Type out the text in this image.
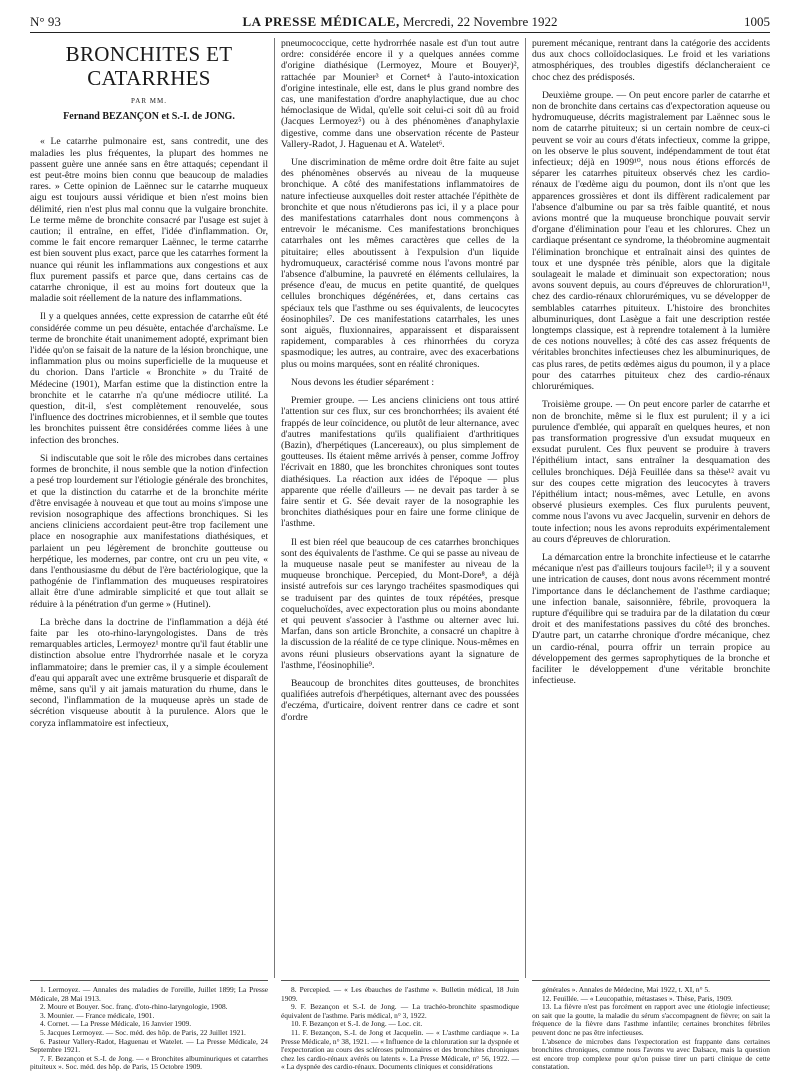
N° 93	LA PRESSE MÉDICALE, Mercredi, 22 Novembre 1922	1005
BRONCHITES ET CATARRHES
PAR MM.
Fernand BEZANÇON et S.-I. de JONG.

« Le catarrhe pulmonaire est, sans contredit, une des maladies les plus fréquentes, la plupart des hommes ne passent guère une année sans en être attaqués; cependant il est peut-être moins bien connu que beaucoup de maladies rares. » Cette opinion de Laënnec sur le catarrhe muqueux aigu est toujours aussi véridique et bien n'est moins bien délimité, rien n'est plus mal connu que la vulgaire bronchite. Le terme même de bronchite consacré par l'usage est sujet à caution; il entraîne, en effet, l'idée d'inflammation. Or, comme le fait encore remarquer Laënnec, le terme catarrhe est bien souvent plus exact, parce que les catarrhes forment la nuance qui réunit les inflammations aux congestions et aux flux purement passifs et parce que, dans certains cas de catarrhe chronique, il est au moins fort douteux que la maladie soit réellement de la nature des inflammations.

Il y a quelques années, cette expression de catarrhe eût été considérée comme un peu désuète, entachée d'archaïsme. Le terme de bronchite était unanimement adopté, exprimant bien l'idée qu'on se faisait de la nature de la lésion bronchique, une inflammation plus ou moins superficielle de la muqueuse et du chorion. Dans l'article « Bronchite » du Traité de Médecine (1901), Marfan estime que la distinction entre la bronchite et le catarrhe n'a qu'une médiocre utilité. La question, dit-il, s'est complètement renouvelée, sous l'influence des doctrines microbiennes, et il semble que toutes les bronchites puissent être considérées comme liées à une infection des bronches.

Si indiscutable que soit le rôle des microbes dans certaines formes de bronchite, il nous semble que la notion d'infection a pesé trop lourdement sur l'étiologie générale des bronchites, et que la distinction du catarrhe et de la bronchite mérite d'être envisagée à nouveau et que tout au moins s'impose une revision nosographique des affections bronchiques. Si les anciens cliniciens accordaient peut-être trop facilement une place en nosographie aux manifestations diathésiques, et parlaient un peu légèrement de bronchite goutteuse ou herpétique, les modernes, par contre, ont cru un peu vite, « dans l'enthousiasme du début de l'ère bactériologique, que la pathogénie de l'inflammation des muqueuses respiratoires allait être d'une admirable simplicité et que tout allait se réduire à la pénétration d'un germe » (Hutinel).

La brèche dans la doctrine de l'inflammation a déjà été faite par les oto-rhino-laryngologistes. Dans de très remarquables articles, Lermoyez¹ montre qu'il faut établir une distinction absolue entre l'hydrorrhée nasale et le coryza inflammatoire; dans le premier cas, il y a simple écoulement d'eau qui apparaît avec une extrême brusquerie et disparaît de même, sans qu'il y ait jamais maturation du rhume, dans le second, l'inflammation de la muqueuse après un stade de sécrétion visqueuse aboutit à la purulence. Alors que le coryza inflammatoire est infectieux,

pneumococcique, cette hydrorrhée nasale est d'un tout autre ordre: considérée encore il y a quelques années comme d'origine diathésique (Lermoyez, Moure et Bouyer)², rattachée par Mounier³ et Cornet⁴ à l'auto-intoxication d'origine intestinale, elle est, dans le plus grand nombre des cas, une manifestation d'ordre anaphylactique, due au choc hémoclasique de Widal, qu'elle soit celui-ci soit dû au froid (Jacques Lermoyez⁵) ou à des phénomènes d'anaphylaxie digestive, comme dans une observation récente de Pasteur Vallery-Radot, J. Haguenau et A. Watelet⁶.

Une discrimination de même ordre doit être faite au sujet des phénomènes observés au niveau de la muqueuse bronchique. A côté des manifestations inflammatoires de nature infectieuse auxquelles doit rester attachée l'épithète de bronchite et que nous n'étudierons pas ici, il y a place pour des manifestations catarrhales dont nous commençons à entrevoir le mécanisme. Ces manifestations bronchiques catarrhales ont les mêmes caractères que celles de la pituitaire; elles aboutissent à l'expulsion d'un liquide hydromuqueux, caractérisé comme nous l'avons montré par l'absence d'albumine, la pauvreté en éléments cellulaires, la présence d'eau, de mucus en petite quantité, de quelques cellules bronchiques dégénérées, et, dans certains cas spéciaux tels que l'asthme ou ses équivalents, de leucocytes éosinophiles⁷. De ces manifestations catarrhales, les unes sont aiguës, fluxionnaires, apparaissent et disparaissent rapidement, comparables à ces rhinorrhées du coryza spasmodique; les autres, au contraire, avec des exacerbations plus ou moins marquées, sont en réalité chroniques.

Nous devons les étudier séparément :

Premier groupe. — Les anciens cliniciens ont tous attiré l'attention sur ces flux, sur ces bronchorrhées; ils avaient été frappés de leur coïncidence, ou plutôt de leur alternance, avec d'autres manifestations qu'ils qualifiaient d'arthritiques (Bazin), d'herpétiques (Lancereaux), ou plus simplement de goutteuses. Ils étaient même arrivés à penser, comme Joffroy l'écrivait en 1880, que les bronchites chroniques sont toutes diathésiques. La réaction aux idées de l'époque — plus apparente que réelle d'ailleurs — ne devait pas tarder à se faire sentir et G. Sée devait rayer de la nosographie les bronchites diathésiques pour en faire une forme clinique de l'asthme.

Il est bien réel que beaucoup de ces catarrhes bronchiques sont des équivalents de l'asthme. Ce qui se passe au niveau de la muqueuse nasale peut se manifester au niveau de la muqueuse bronchique. Percepied, du Mont-Dore⁸, a déjà insisté autrefois sur ces laryngo trachéites spasmodiques qui se traduisent par des quintes de toux répétées, presque coqueluchoïdes, avec expectoration plus ou moins abondante et qui peuvent s'associer à l'asthme ou alterner avec lui. Marfan, dans son article Bronchite, a consacré un chapitre à la discussion de la réalité de ce type clinique. Nous-mêmes en avons réuni plusieurs observations ayant la signature de l'asthme, l'éosinophilie⁹.

Beaucoup de bronchites dites goutteuses, de bronchites qualifiées autrefois d'herpétiques, alternant avec des poussées d'eczéma, d'urticaire, doivent rentrer dans ce cadre et sont d'ordre

purement mécanique, rentrant dans la catégorie des accidents dus aux chocs colloïdoclasiques. Le froid et les variations atmosphériques, des troubles digestifs déclancheraient ce choc chez des prédisposés.

Deuxième groupe. — On peut encore parler de catarrhe et non de bronchite dans certains cas d'expectoration aqueuse ou hydromuqueuse, décrits magistralement par Laënnec sous le nom de catarrhe pituiteux; si un certain nombre de ceux-ci peuvent se voir au cours d'états infectieux, comme la grippe, on les observe le plus souvent, indépendamment de tout état infectieux; déjà en 1909¹⁰, nous nous étions efforcés de séparer les catarrhes pituiteux observés chez les cardio-rénaux de l'œdème aigu du poumon, dont ils n'ont que les apparences grossières et dont ils diffèrent radicalement par l'absence d'albumine ou par sa très faible quantité, et nous avions montré que la muqueuse bronchique pouvait servir d'organe d'élimination pour l'eau et les chlorures. Chez un cardiaque présentant ce syndrome, la théobromine augmentait l'élimination bronchique et entraînait ainsi des quintes de toux et une dyspnée très pénible, alors que la digitale soulageait le malade et diminuait son expectoration; nous avons souvent depuis, au cours d'épreuves de chloruration¹¹, chez des cardio-rénaux chlorurémiques, vu se développer de semblables catarrhes pituiteux. L'histoire des bronchites albuminuriques, dont Lasègue a fait une description restée longtemps classique, est à reprendre totalement à la lumière de ces notions nouvelles; à côté des cas assez fréquents de véritables bronchites infectieuses chez les albuminuriques, de cas plus rares, de petits œdèmes aigus du poumon, il y a place pour des catarrhes pituiteux chez des cardio-rénaux chlorurémiques.

Troisième groupe. — On peut encore parler de catarrhe et non de bronchite, même si le flux est purulent; il y a ici purulence d'emblée, qui apparaît en quelques heures, et non pas transformation progressive d'un exsudat muqueux en exsudat purulent. Ces flux peuvent se produire à travers l'épithélium intact, sans entraîner la desquamation des cellules bronchiques. Déjà Feuillée dans sa thèse¹² avait vu sur des coupes cette migration des leucocytes à travers l'épithélium intact; nous-mêmes, avec Letulle, en avons observé plusieurs exemples. Ces flux purulents peuvent, comme nous l'avons vu avec Jacquelin, survenir en dehors de toute infection; nous les avons reproduits expérimentalement au cours d'épreuves de chloruration.

La démarcation entre la bronchite infectieuse et le catarrhe mécanique n'est pas d'ailleurs toujours facile¹³; il y a souvent une intrication de causes, dont nous avons récemment montré l'importance dans le déclanchement de l'asthme cardiaque; une infection banale, saisonnière, fébrile, provoquera la rupture d'équilibre qui se traduira par de la dilatation du cœur droit et des manifestations passives du côté des bronches. D'autre part, un catarrhe chronique d'ordre mécanique, chez un cardio-rénal, pourra offrir un terrain propice au développement des germes saprophytiques de la bronche et faciliter le développement d'une véritable bronchite infectieuse.

1. Lermoyez. — Annales des maladies de l'oreille, Juillet 1899; La Presse Médicale, 28 Mai 1913.

2. Moure et Bouyer. Soc. franç. d'oto-rhino-laryngologie, 1908.

3. Mounier. — France médicale, 1901.

4. Cornet. — La Presse Médicale, 16 Janvier 1909.

5. Jacques Lermoyez. — Soc. méd. des hôp. de Paris, 22 Juillet 1921.

6. Pasteur Vallery-Radot, Haguenau et Watelet. — La Presse Médicale, 24 Septembre 1921.

7. F. Bezançon et S.-I. de Jong. — « Bronchites albuminuriques et catarrhes pituiteux ». Soc. méd. des hôp. de Paris, 15 Octobre 1909.

8. Percepied. — « Les ébauches de l'asthme ». Bulletin médical, 18 Juin 1909.

9. F. Bezançon et S.-I. de Jong. — La trachéo-bronchite spasmodique équivalent de l'asthme. Paris médical, n° 3, 1922.

10. F. Bezançon et S.-I. de Jong. — Loc. cit.

11. F. Bezançon, S.-I. de Jong et Jacquelin. — « L'asthme cardiaque ». La Presse Médicale, n° 38, 1921. — « Influence de la chloruration sur la dyspnée et l'expectoration au cours des scléroses pulmonaires et des bronchites chroniques chez les cardio-rénaux avérés ou latents ». La Presse Médicale, n° 56, 1922. — « La dyspnée des cardio-rénaux. Documents cliniques et considérations

générales ». Annales de Médecine, Mai 1922, t. XI, n° 5.

12. Feuillée. — « Leucopathie, métastases ». Thèse, Paris, 1909.

13. La fièvre n'est pas forcément en rapport avec une étiologie infectieuse; on sait que la goutte, la maladie du sérum s'accompagnent de fièvre; on sait la fréquence de la fièvre dans l'asthme infantile; certaines bronchites fébriles peuvent donc ne pas être infectieuses.

L'absence de microbes dans l'expectoration est frappante dans certaines bronchites chroniques, comme nous l'avons vu avec Dalsace, mais la question est encore trop complexe pour qu'on puisse tirer un parti clinique de cette constatation.
